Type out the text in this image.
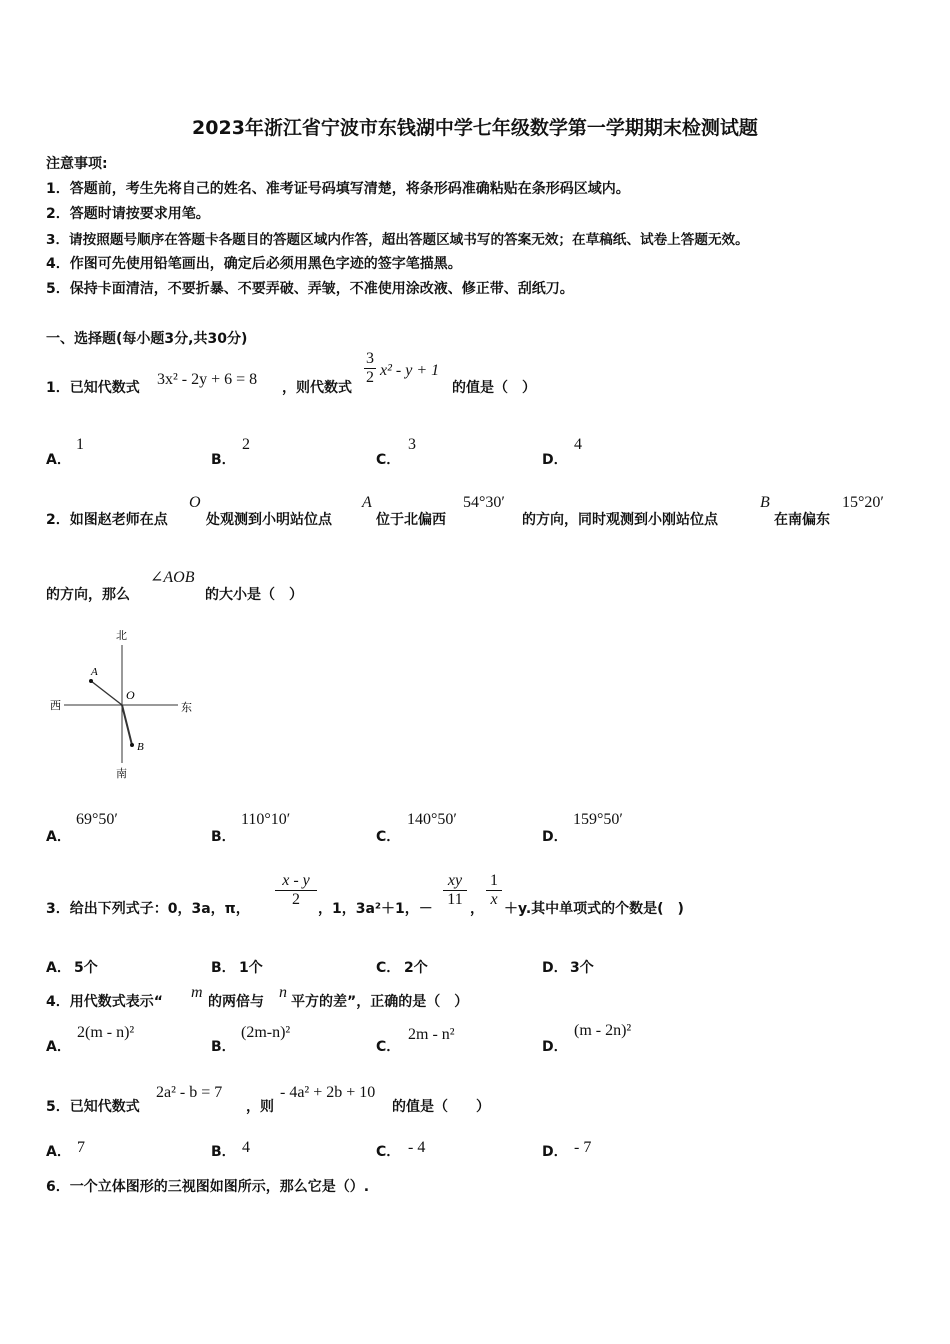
2023年浙江省宁波市东钱湖中学七年级数学第一学期期末检测试题
注意事项:
1．答题前，考生先将自己的姓名、准考证号码填写清楚，将条形码准确粘贴在条形码区域内。
2．答题时请按要求用笔。
3．请按照题号顺序在答题卡各题目的答题区域内作答，超出答题区域书写的答案无效；在草稿纸、试卷上答题无效。
4．作图可先使用铅笔画出，确定后必须用黑色字迹的签字笔描黑。
5．保持卡面清洁，不要折暴、不要弄破、弄皱，不准使用涂改液、修正带、刮纸刀。
一、选择题(每小题3分,共30分)
1．已知代数式 3x² - 2y + 6 = 8 ，则代数式
$\frac{3}{2} x^2 - y + 1$
的值是（　）
A．
1
B．
2
C．
3
D．
4
2．如图赵老师在点
O
处观测到小明站位点
A
位于北偏西
54°30′
的方向，同时观测到小刚站位点
B
在南偏东
15°20′
的方向，那么
∠AOB
的大小是（　）
北
南
西	东
A
O
B
A．
69°50′
B．
110°10′
C．
140°50′
D．
159°50′
3．给出下列式子：0，3a，π， $\frac{x - y}{2}$ ，1，3a²＋1，－ $\frac{xy}{11}$ ， $\frac{1}{x} +y$.其中单项式的个数是(　)
A． 5个	B． 1个	C． 2个	D． 3个
4．用代数式表示“
m
的两倍与
n
平方的差”，正确的是（　）
A．
2(m - n)²
B．
(2m-n)²
C．
2m - n²
D．
(m - 2n)²
5．已知代数式
2a² - b = 7
，则
- 4a² + 2b + 10
的值是（　　）
A． 7	B． 4	C． - 4	D． - 7
6．一个立体图形的三视图如图所示，那么它是（）.
